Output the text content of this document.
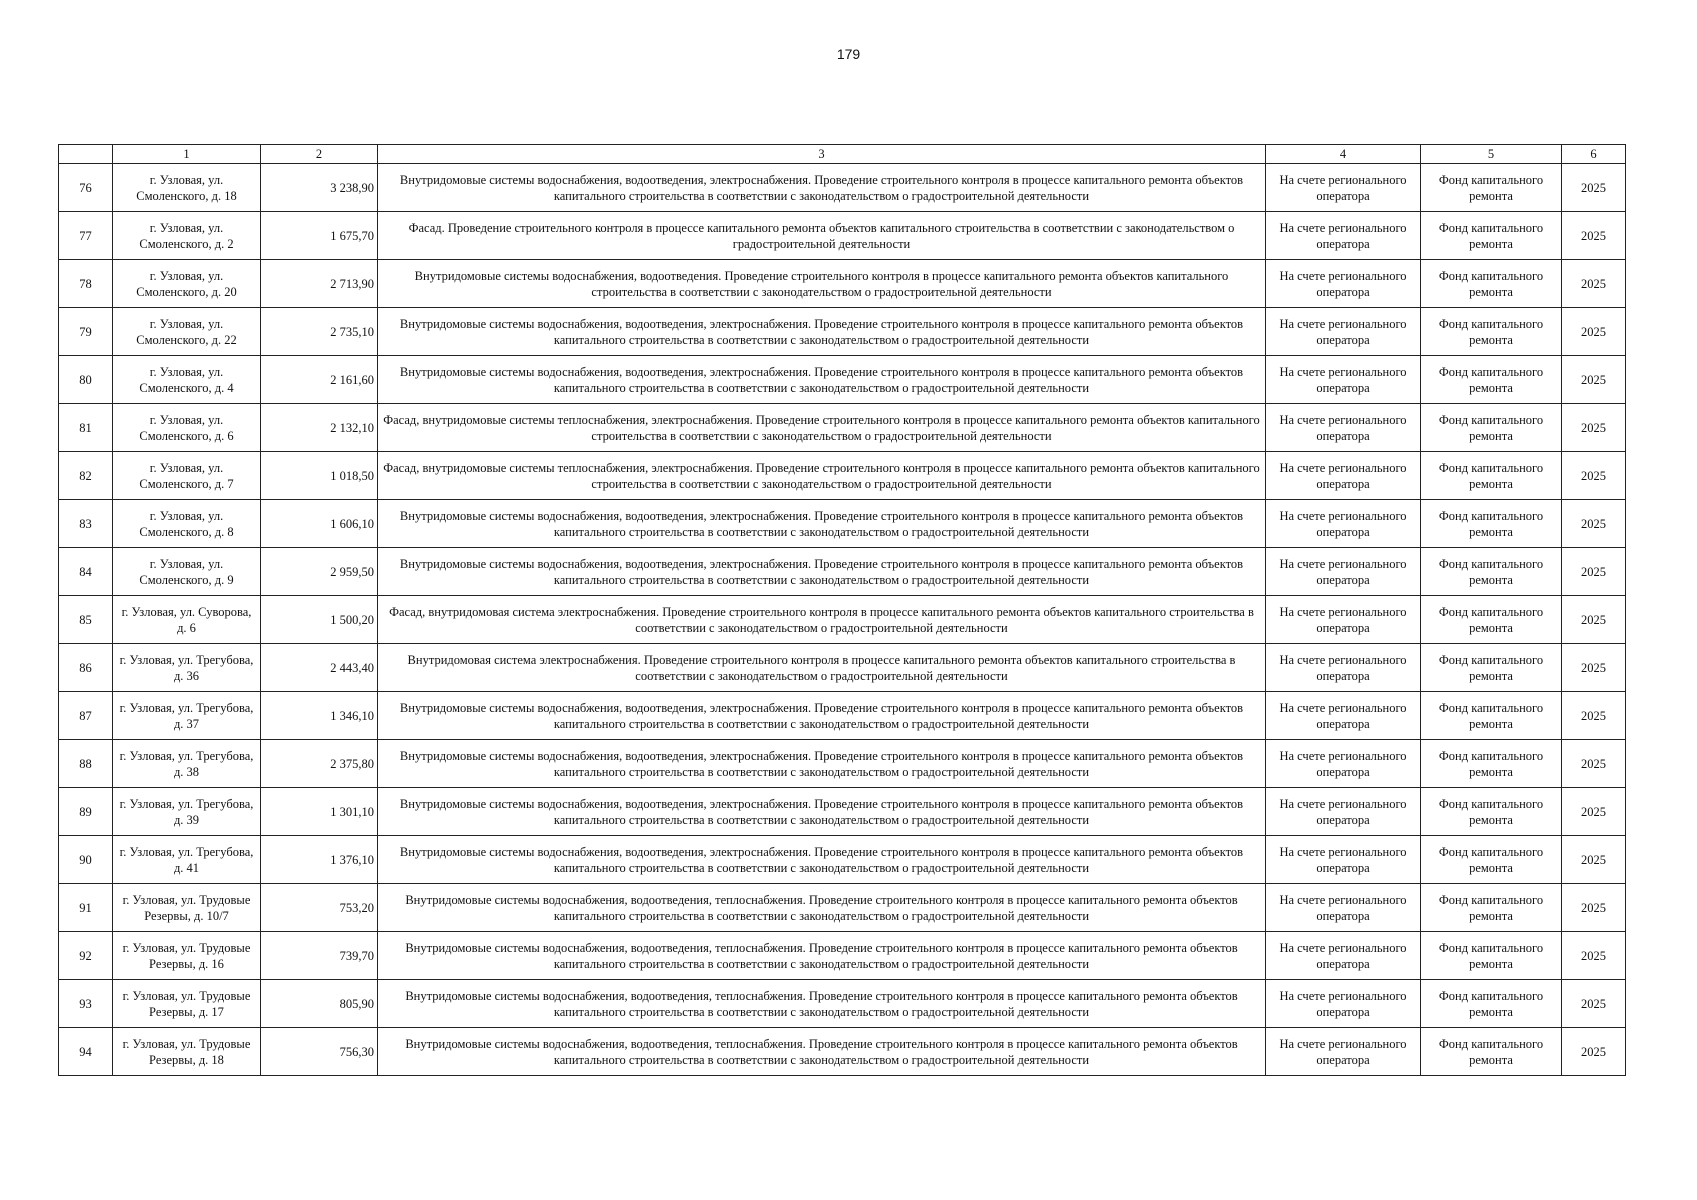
179
	1	2	3	4	5	6
76	г. Узловая, ул. Смоленского, д. 18	3 238,90	Внутридомовые системы водоснабжения, водоотведения, электроснабжения. Проведение строительного контроля в процессе капитального ремонта объектов капитального строительства в соответствии с законодательством о градостроительной деятельности	На счете регионального оператора	Фонд капитального ремонта	2025
77	г. Узловая, ул. Смоленского, д. 2	1 675,70	Фасад. Проведение строительного контроля в процессе капитального ремонта объектов капитального строительства в соответствии с законодательством о градостроительной деятельности	На счете регионального оператора	Фонд капитального ремонта	2025
78	г. Узловая, ул. Смоленского, д. 20	2 713,90	Внутридомовые системы водоснабжения, водоотведения. Проведение строительного контроля в процессе капитального ремонта объектов капитального строительства в соответствии с законодательством о градостроительной деятельности	На счете регионального оператора	Фонд капитального ремонта	2025
79	г. Узловая, ул. Смоленского, д. 22	2 735,10	Внутридомовые системы водоснабжения, водоотведения, электроснабжения. Проведение строительного контроля в процессе капитального ремонта объектов капитального строительства в соответствии с законодательством о градостроительной деятельности	На счете регионального оператора	Фонд капитального ремонта	2025
80	г. Узловая, ул. Смоленского, д. 4	2 161,60	Внутридомовые системы водоснабжения, водоотведения, электроснабжения. Проведение строительного контроля в процессе капитального ремонта объектов капитального строительства в соответствии с законодательством о градостроительной деятельности	На счете регионального оператора	Фонд капитального ремонта	2025
81	г. Узловая, ул. Смоленского, д. 6	2 132,10	Фасад, внутридомовые системы теплоснабжения, электроснабжения. Проведение строительного контроля в процессе капитального ремонта объектов капитального строительства в соответствии с законодательством о градостроительной деятельности	На счете регионального оператора	Фонд капитального ремонта	2025
82	г. Узловая, ул. Смоленского, д. 7	1 018,50	Фасад, внутридомовые системы теплоснабжения, электроснабжения. Проведение строительного контроля в процессе капитального ремонта объектов капитального строительства в соответствии с законодательством о градостроительной деятельности	На счете регионального оператора	Фонд капитального ремонта	2025
83	г. Узловая, ул. Смоленского, д. 8	1 606,10	Внутридомовые системы водоснабжения, водоотведения, электроснабжения. Проведение строительного контроля в процессе капитального ремонта объектов капитального строительства в соответствии с законодательством о градостроительной деятельности	На счете регионального оператора	Фонд капитального ремонта	2025
84	г. Узловая, ул. Смоленского, д. 9	2 959,50	Внутридомовые системы водоснабжения, водоотведения, электроснабжения. Проведение строительного контроля в процессе капитального ремонта объектов капитального строительства в соответствии с законодательством о градостроительной деятельности	На счете регионального оператора	Фонд капитального ремонта	2025
85	г. Узловая, ул. Суворова, д. 6	1 500,20	Фасад, внутридомовая система электроснабжения. Проведение строительного контроля в процессе капитального ремонта объектов капитального строительства в соответствии с законодательством о градостроительной деятельности	На счете регионального оператора	Фонд капитального ремонта	2025
86	г. Узловая, ул. Трегубова, д. 36	2 443,40	Внутридомовая система электроснабжения. Проведение строительного контроля в процессе капитального ремонта объектов капитального строительства в соответствии с законодательством о градостроительной деятельности	На счете регионального оператора	Фонд капитального ремонта	2025
87	г. Узловая, ул. Трегубова, д. 37	1 346,10	Внутридомовые системы водоснабжения, водоотведения, электроснабжения. Проведение строительного контроля в процессе капитального ремонта объектов капитального строительства в соответствии с законодательством о градостроительной деятельности	На счете регионального оператора	Фонд капитального ремонта	2025
88	г. Узловая, ул. Трегубова, д. 38	2 375,80	Внутридомовые системы водоснабжения, водоотведения, электроснабжения. Проведение строительного контроля в процессе капитального ремонта объектов капитального строительства в соответствии с законодательством о градостроительной деятельности	На счете регионального оператора	Фонд капитального ремонта	2025
89	г. Узловая, ул. Трегубова, д. 39	1 301,10	Внутридомовые системы водоснабжения, водоотведения, электроснабжения. Проведение строительного контроля в процессе капитального ремонта объектов капитального строительства в соответствии с законодательством о градостроительной деятельности	На счете регионального оператора	Фонд капитального ремонта	2025
90	г. Узловая, ул. Трегубова, д. 41	1 376,10	Внутридомовые системы водоснабжения, водоотведения, электроснабжения. Проведение строительного контроля в процессе капитального ремонта объектов капитального строительства в соответствии с законодательством о градостроительной деятельности	На счете регионального оператора	Фонд капитального ремонта	2025
91	г. Узловая, ул. Трудовые Резервы, д. 10/7	753,20	Внутридомовые системы водоснабжения, водоотведения, теплоснабжения. Проведение строительного контроля в процессе капитального ремонта объектов капитального строительства в соответствии с законодательством о градостроительной деятельности	На счете регионального оператора	Фонд капитального ремонта	2025
92	г. Узловая, ул. Трудовые Резервы, д. 16	739,70	Внутридомовые системы водоснабжения, водоотведения, теплоснабжения. Проведение строительного контроля в процессе капитального ремонта объектов капитального строительства в соответствии с законодательством о градостроительной деятельности	На счете регионального оператора	Фонд капитального ремонта	2025
93	г. Узловая, ул. Трудовые Резервы, д. 17	805,90	Внутридомовые системы водоснабжения, водоотведения, теплоснабжения. Проведение строительного контроля в процессе капитального ремонта объектов капитального строительства в соответствии с законодательством о градостроительной деятельности	На счете регионального оператора	Фонд капитального ремонта	2025
94	г. Узловая, ул. Трудовые Резервы, д. 18	756,30	Внутридомовые системы водоснабжения, водоотведения, теплоснабжения. Проведение строительного контроля в процессе капитального ремонта объектов капитального строительства в соответствии с законодательством о градостроительной деятельности	На счете регионального оператора	Фонд капитального ремонта	2025
